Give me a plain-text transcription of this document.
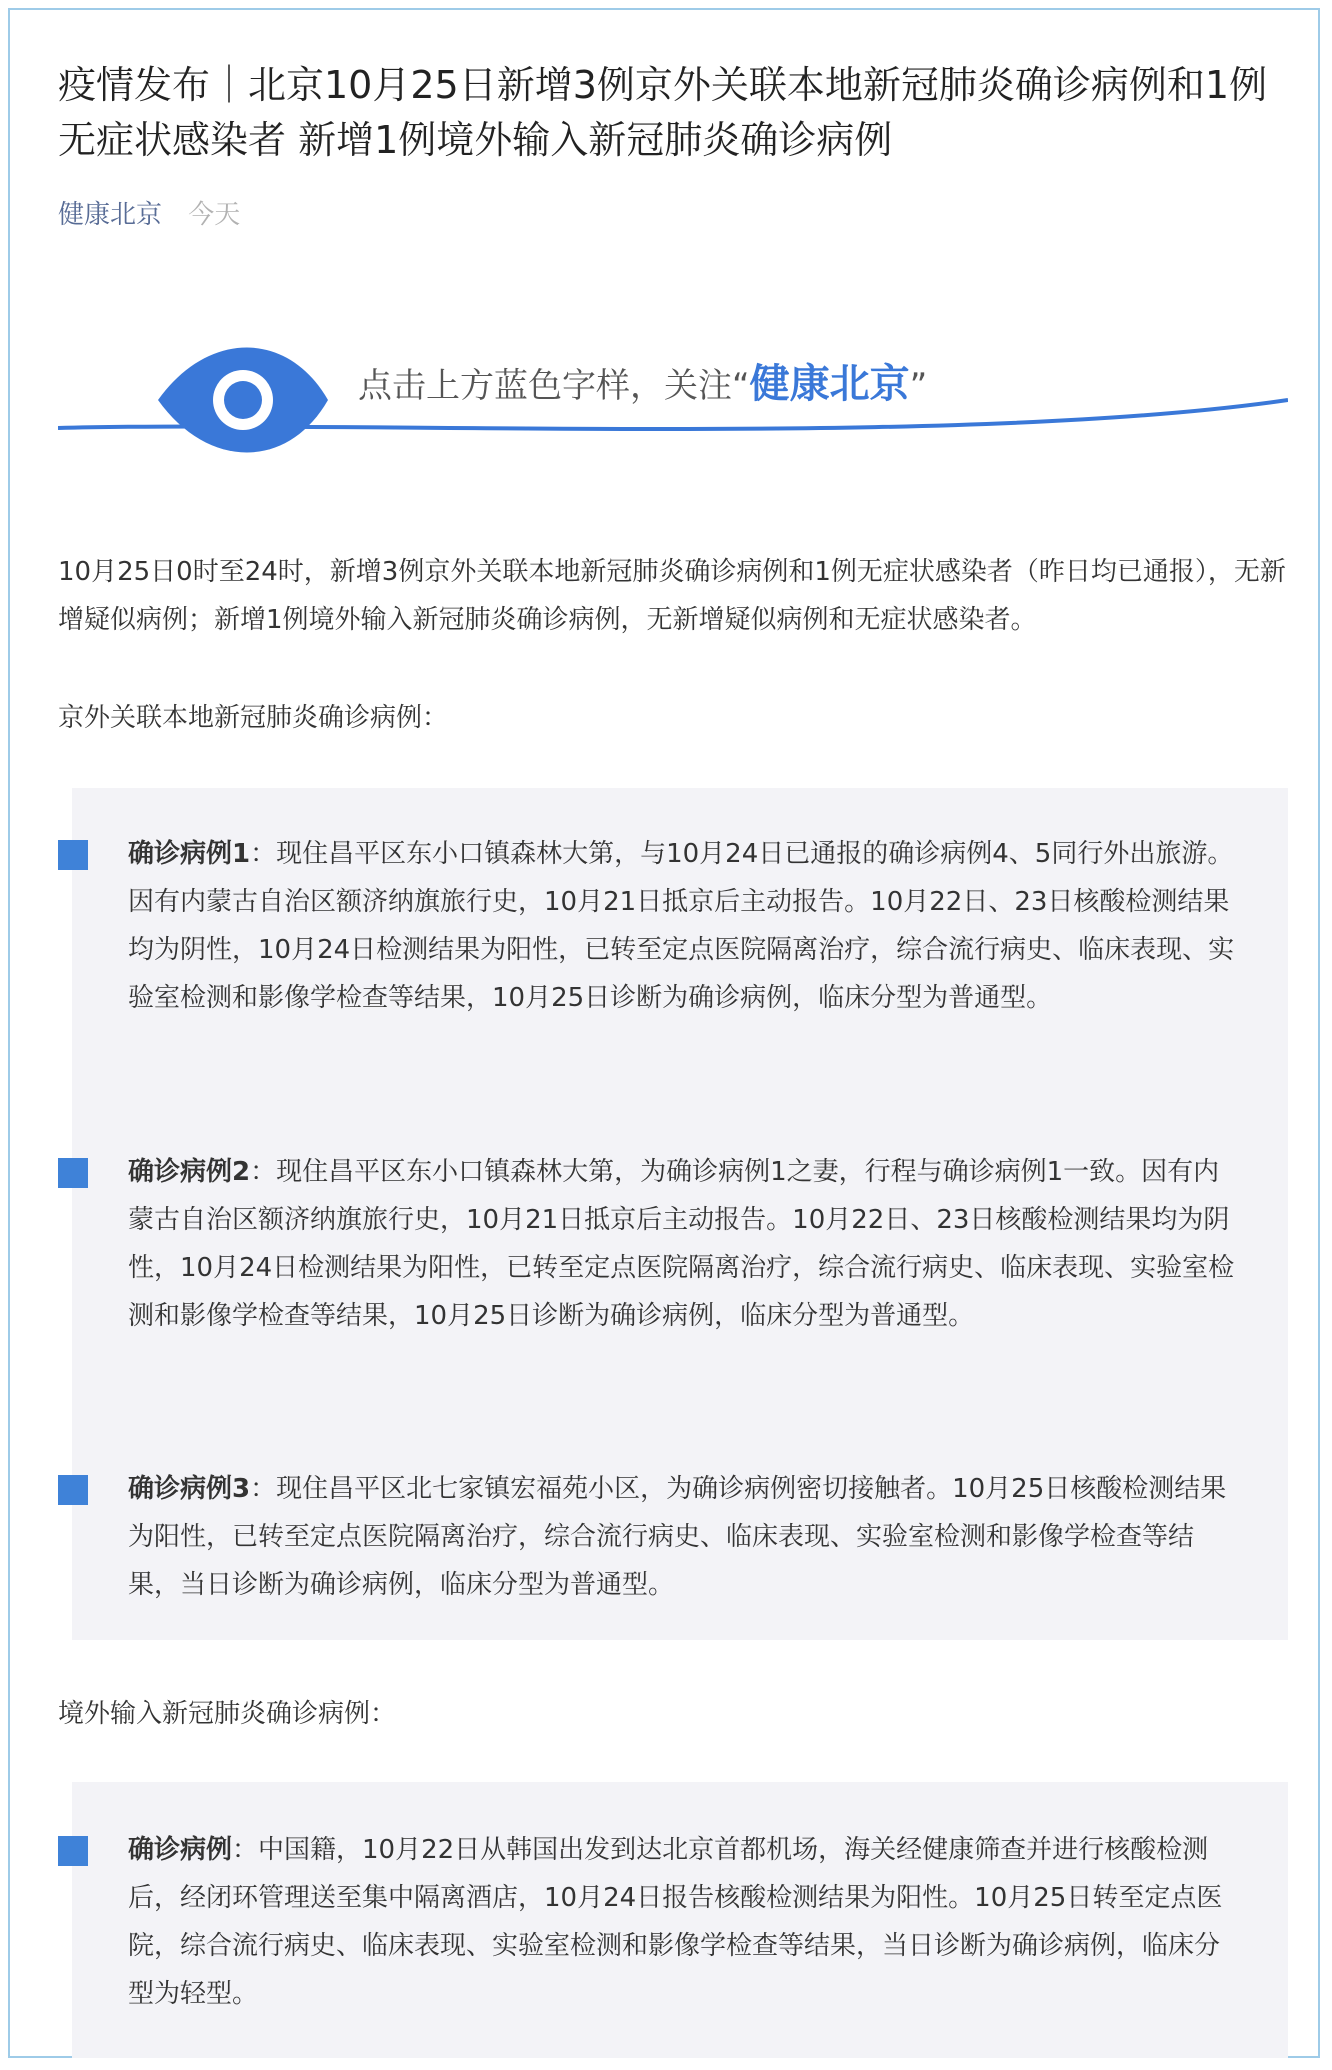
疫情发布｜北京10月25日新增3例京外关联本地新冠肺炎确诊病例和1例无症状感染者 新增1例境外输入新冠肺炎确诊病例
健康北京 今天
点击上方蓝色字样，关注“健康北京”

10月25日0时至24时，新增3例京外关联本地新冠肺炎确诊病例和1例无症状感染者（昨日均已通报），无新增疑似病例；新增1例境外输入新冠肺炎确诊病例，无新增疑似病例和无症状感染者。

京外关联本地新冠肺炎确诊病例：

确诊病例1：现住昌平区东小口镇森林大第，与10月24日已通报的确诊病例4、5同行外出旅游。因有内蒙古自治区额济纳旗旅行史，10月21日抵京后主动报告。10月22日、23日核酸检测结果均为阴性，10月24日检测结果为阳性，已转至定点医院隔离治疗，综合流行病史、临床表现、实验室检测和影像学检查等结果，10月25日诊断为确诊病例，临床分型为普通型。

确诊病例2：现住昌平区东小口镇森林大第，为确诊病例1之妻，行程与确诊病例1一致。因有内蒙古自治区额济纳旗旅行史，10月21日抵京后主动报告。10月22日、23日核酸检测结果均为阴性，10月24日检测结果为阳性，已转至定点医院隔离治疗，综合流行病史、临床表现、实验室检测和影像学检查等结果，10月25日诊断为确诊病例，临床分型为普通型。

确诊病例3：现住昌平区北七家镇宏福苑小区，为确诊病例密切接触者。10月25日核酸检测结果为阳性，已转至定点医院隔离治疗，综合流行病史、临床表现、实验室检测和影像学检查等结果，当日诊断为确诊病例，临床分型为普通型。

境外输入新冠肺炎确诊病例：

确诊病例：中国籍，10月22日从韩国出发到达北京首都机场，海关经健康筛查并进行核酸检测后，经闭环管理送至集中隔离酒店，10月24日报告核酸检测结果为阳性。10月25日转至定点医院，综合流行病史、临床表现、实验室检测和影像学检查等结果，当日诊断为确诊病例，临床分型为轻型。
